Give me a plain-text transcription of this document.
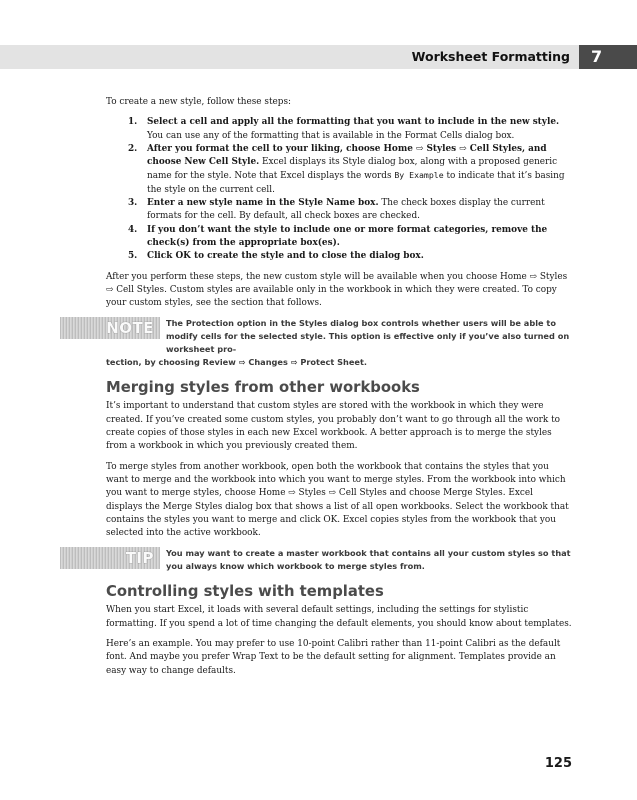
Worksheet Formatting	7

To create a new style, follow these steps:

1. Select a cell and apply all the formatting that you want to include in the new style. You can use any of the formatting that is available in the Format Cells dialog box.
2. After you format the cell to your liking, choose Home ⇨ Styles ⇨ Cell Styles, and choose New Cell Style. Excel displays its Style dialog box, along with a proposed generic name for the style. Note that Excel displays the words By Example to indicate that it’s basing the style on the current cell.
3. Enter a new style name in the Style Name box. The check boxes display the current formats for the cell. By default, all check boxes are checked.
4. If you don’t want the style to include one or more format categories, remove the check(s) from the appropriate box(es).
5. Click OK to create the style and to close the dialog box.

After you perform these steps, the new custom style will be available when you choose Home ⇨ Styles ⇨ Cell Styles. Custom styles are available only in the workbook in which they were created. To copy your custom styles, see the section that follows.

NOTE	The Protection option in the Styles dialog box controls whether users will be able to modify cells for the selected style. This option is effective only if you’ve also turned on worksheet pro-
tection, by choosing Review ⇨ Changes ⇨ Protect Sheet.
Merging styles from other workbooks

It’s important to understand that custom styles are stored with the workbook in which they were created. If you’ve created some custom styles, you probably don’t want to go through all the work to create copies of those styles in each new Excel workbook. A better approach is to merge the styles from a workbook in which you previously created them.

To merge styles from another workbook, open both the workbook that contains the styles that you want to merge and the workbook into which you want to merge styles. From the workbook into which you want to merge styles, choose Home ⇨ Styles ⇨ Cell Styles and choose Merge Styles. Excel displays the Merge Styles dialog box that shows a list of all open workbooks. Select the workbook that contains the styles you want to merge and click OK. Excel copies styles from the workbook that you selected into the active workbook.

TIP	You may want to create a master workbook that contains all your custom styles so that you always know which workbook to merge styles from.
Controlling styles with templates

When you start Excel, it loads with several default settings, including the settings for stylistic formatting. If you spend a lot of time changing the default elements, you should know about templates.

Here’s an example. You may prefer to use 10-point Calibri rather than 11-point Calibri as the default font. And maybe you prefer Wrap Text to be the default setting for alignment. Templates provide an easy way to change defaults.

125
